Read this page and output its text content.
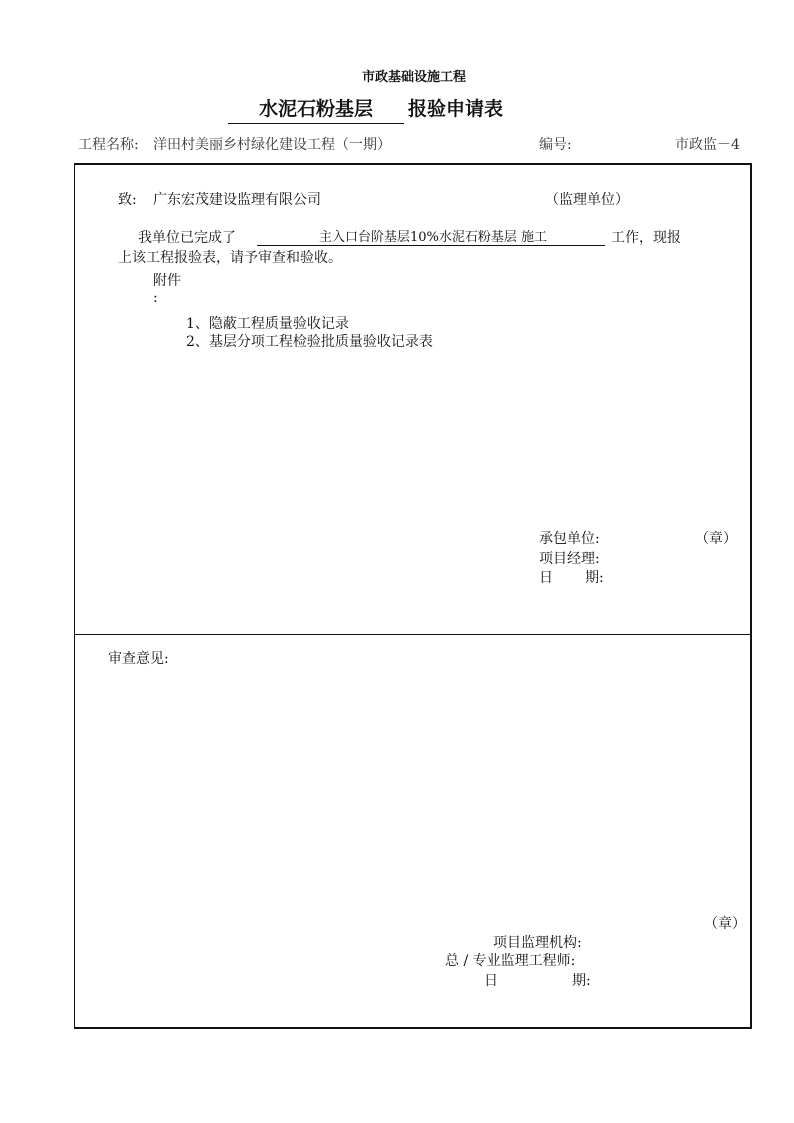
市政基础设施工程
水泥石粉基层	报验申请表
工程名称: 洋田村美丽乡村绿化建设工程（一期）	编号:	市政监－4
致: 广东宏茂建设监理有限公司	（监理单位）
我单位已完成了	主入口台阶基层10%水泥石粉基层 施工	工作，现报
上该工程报验表，请予审查和验收。
附件
:
1、隐蔽工程质量验收记录
2、基层分项工程检验批质量验收记录表
承包单位:	（章）
项目经理:
日 期:
审查意见:
（章）
项目监理机构:
总 / 专业监理工程师:
日	期:
